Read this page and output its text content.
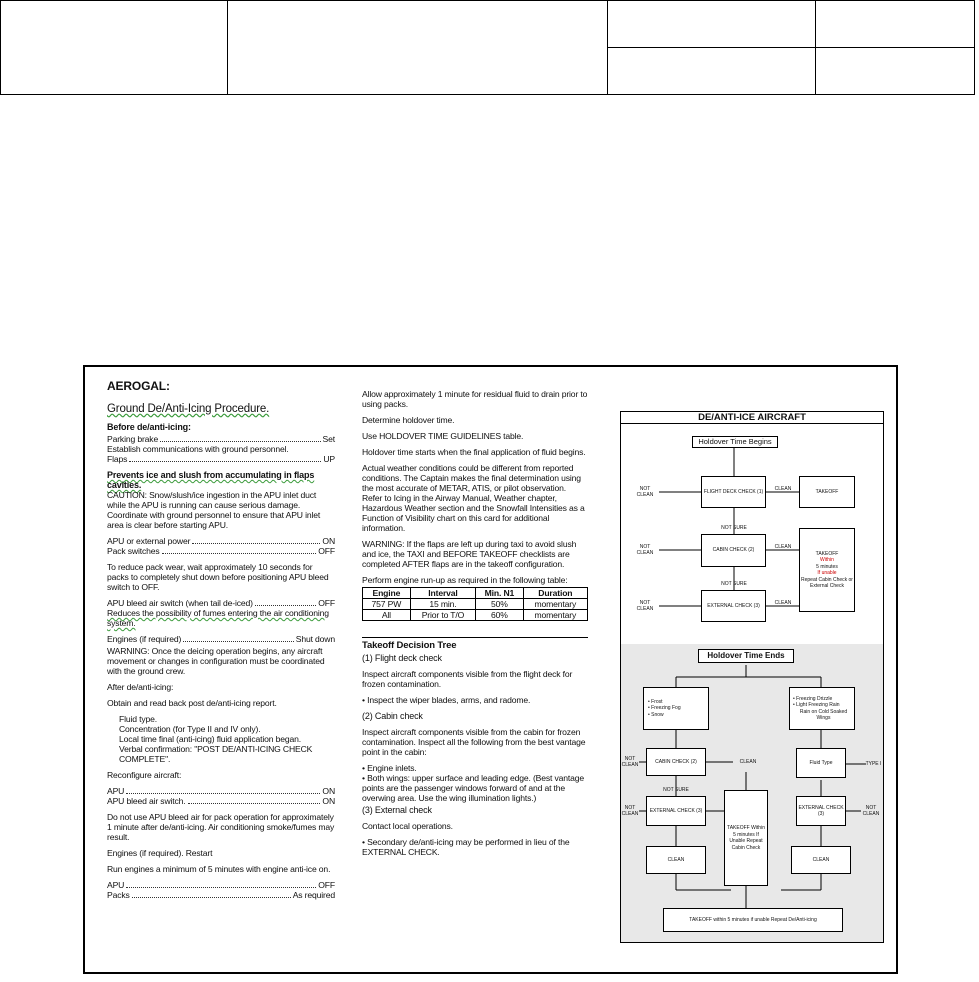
AEROGAL:
Ground De/Anti-Icing Procedure.
Before de/anti-icing:
Parking brake	Set
Establish communications with ground personnel.
Flaps	UP
Prevents ice and slush from accumulating in flaps cavities.
CAUTION: Snow/slush/ice ingestion in the APU inlet duct while the APU is running can cause serious damage. Coordinate with ground personnel to ensure that APU inlet area is clear before starting APU.
APU or external power	ON
Pack switches	OFF
To reduce pack wear, wait approximately 10 seconds for packs to completely shut down before positioning APU bleed switch to OFF.
APU bleed air switch (when tail de-iced)	OFF
Reduces the possibility of fumes entering the air conditioning system.
Engines (if required)	Shut down
WARNING: Once the deicing operation begins, any aircraft movement or changes in configuration must be coordinated with the ground crew.
After de/anti-icing:
Obtain and read back post de/anti-icing report.
Fluid type.
Concentration (for Type II and IV only).
Local time final (anti-icing) fluid application began.
Verbal confirmation: "POST DE/ANTI-ICING CHECK COMPLETE".
Reconfigure aircraft:
APU	ON
APU bleed air switch.	ON
Do not use APU bleed air for pack operation for approximately 1 minute after de/anti-icing. Air conditioning smoke/fumes may result.
Engines (if required). Restart
Run engines a minimum of 5 minutes with engine anti-ice on.
APU	OFF
Packs	As required
Allow approximately 1 minute for residual fluid to drain prior to using packs.
Determine holdover time.
Use HOLDOVER TIME GUIDELINES table.
Holdover time starts when the final application of fluid begins.
Actual weather conditions could be different from reported conditions. The Captain makes the final determination using the most accurate of METAR, ATIS, or pilot observation. Refer to Icing in the Airway Manual, Weather chapter, Hazardous Weather section and the Snowfall Intensities as a Function of Visibility chart on this card for additional information.
WARNING: If the flaps are left up during taxi to avoid slush and ice, the TAXI and BEFORE TAKEOFF checklists are completed AFTER flaps are in the takeoff configuration.
Perform engine run-up as required in the following table:
Engine	Interval	Min. N1	Duration
757 PW	15 min.	50%	momentary
All	Prior to T/O	60%	momentary
Takeoff Decision Tree
(1) Flight deck check
Inspect aircraft components visible from the flight deck for frozen contamination.
• Inspect the wiper blades, arms, and radome.
(2) Cabin check
Inspect aircraft components visible from the cabin for frozen contamination. Inspect all the following from the best vantage point in the cabin:
• Engine inlets.
• Both wings: upper surface and leading edge. (Best vantage points are the passenger windows forward of and at the overwing area. Use the wing illumination lights.)
(3) External check
Contact local operations.
• Secondary de/anti-icing may be performed in lieu of the EXTERNAL CHECK.
DE/ANTI-ICE AIRCRAFT
Holdover Time Begins
FLIGHT DECK CHECK (1)	TAKEOFF
NOT CLEAN
CLEAN
NOT SURE
CABIN CHECK (2)
NOT CLEAN
CLEAN
TAKEOFF
Within
5 minutes
If unable
Repeat Cabin Check or External Check
NOT SURE
EXTERNAL CHECK (3)
NOT CLEAN
CLEAN
Holdover Time Ends
• Frost
• Freezing Fog
• Snow
• Freezing Drizzle
• Light Freezing Rain
Rain on Cold Soaked Wings
CABIN CHECK (2)
NOT CLEAN	CLEAN	Fluid Type	TYPE I
NOT SURE
EXTERNAL CHECK (3)
NOT CLEAN
EXTERNAL CHECK (3)
NOT CLEAN
TAKEOFF Within 5 minutes If Unable Repeat Cabin Check
CLEAN	CLEAN
TAKEOFF within 5 minutes if unable Repeat De/Anti-icing
